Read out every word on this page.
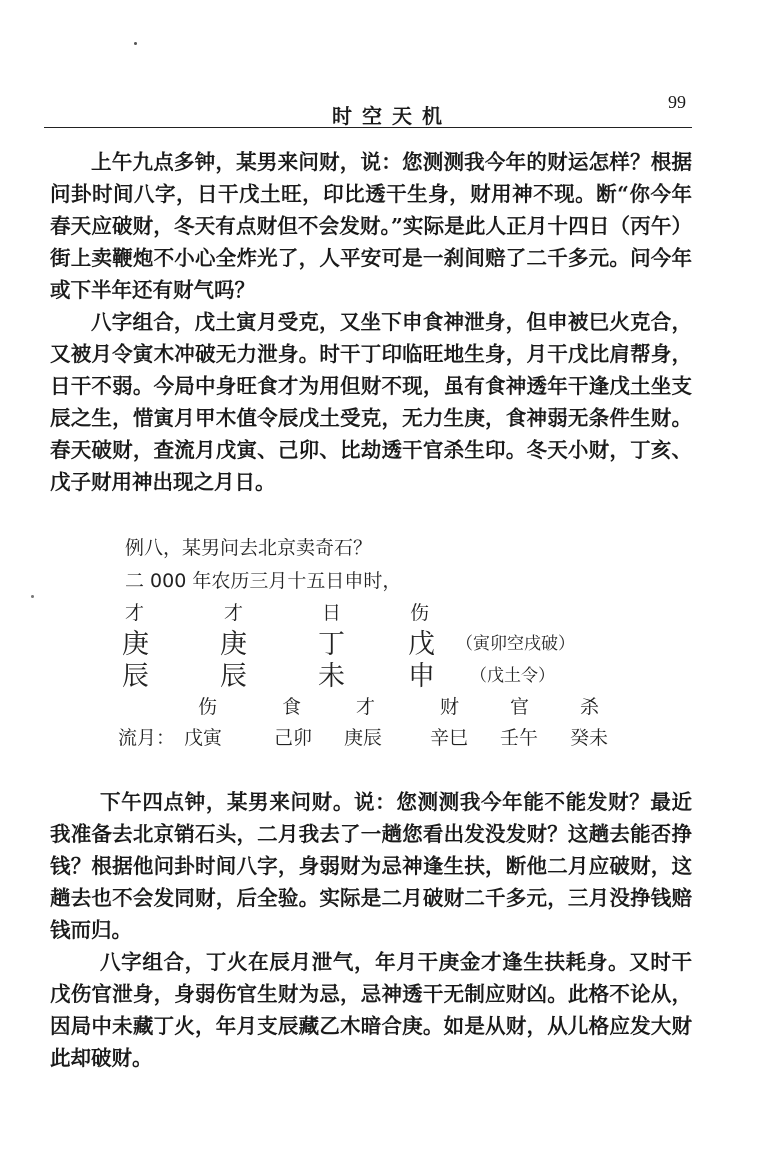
时空天机
99
上午九点多钟，某男来问财，说：您测测我今年的财运怎样？根据问卦时间八字，日干戊土旺，印比透干生身，财用神不现。断“你今年春天应破财，冬天有点财但不会发财。”实际是此人正月十四日（丙午）街上卖鞭炮不小心全炸光了，人平安可是一刹间赔了二千多元。问今年或下半年还有财气吗？
八字组合，戊土寅月受克，又坐下申食神泄身，但申被巳火克合，又被月令寅木冲破无力泄身。时干丁印临旺地生身，月干戊比肩帮身，日干不弱。今局中身旺食才为用但财不现，虽有食神透年干逢戊土坐支辰之生，惜寅月甲木值令辰戊土受克，无力生庚，食神弱无条件生财。春天破财，查流月戊寅、己卯、比劫透干官杀生印。冬天小财，丁亥、戊子财用神出现之月日。
例八，某男问去北京卖奇石？
二 000 年农历三月十五日申时，
才	才	日	伤
庚	庚	丁 戊 （寅卯空戌破）
辰	辰	未 申 （戊土令）
伤	食	才	财	官	杀
流月： 戊寅	己卯 庚辰	辛巳 壬午 癸未
下午四点钟，某男来问财。说：您测测我今年能不能发财？最近我准备去北京销石头，二月我去了一趟您看出发没发财？这趟去能否挣钱？根据他问卦时间八字，身弱财为忌神逢生扶，断他二月应破财，这趟去也不会发同财，后全验。实际是二月破财二千多元，三月没挣钱赔钱而归。
八字组合，丁火在辰月泄气，年月干庚金才逢生扶耗身。又时干戊伤官泄身，身弱伤官生财为忌，忌神透干无制应财凶。此格不论从，因局中未藏丁火，年月支辰藏乙木暗合庚。如是从财，从儿格应发大财此却破财。
